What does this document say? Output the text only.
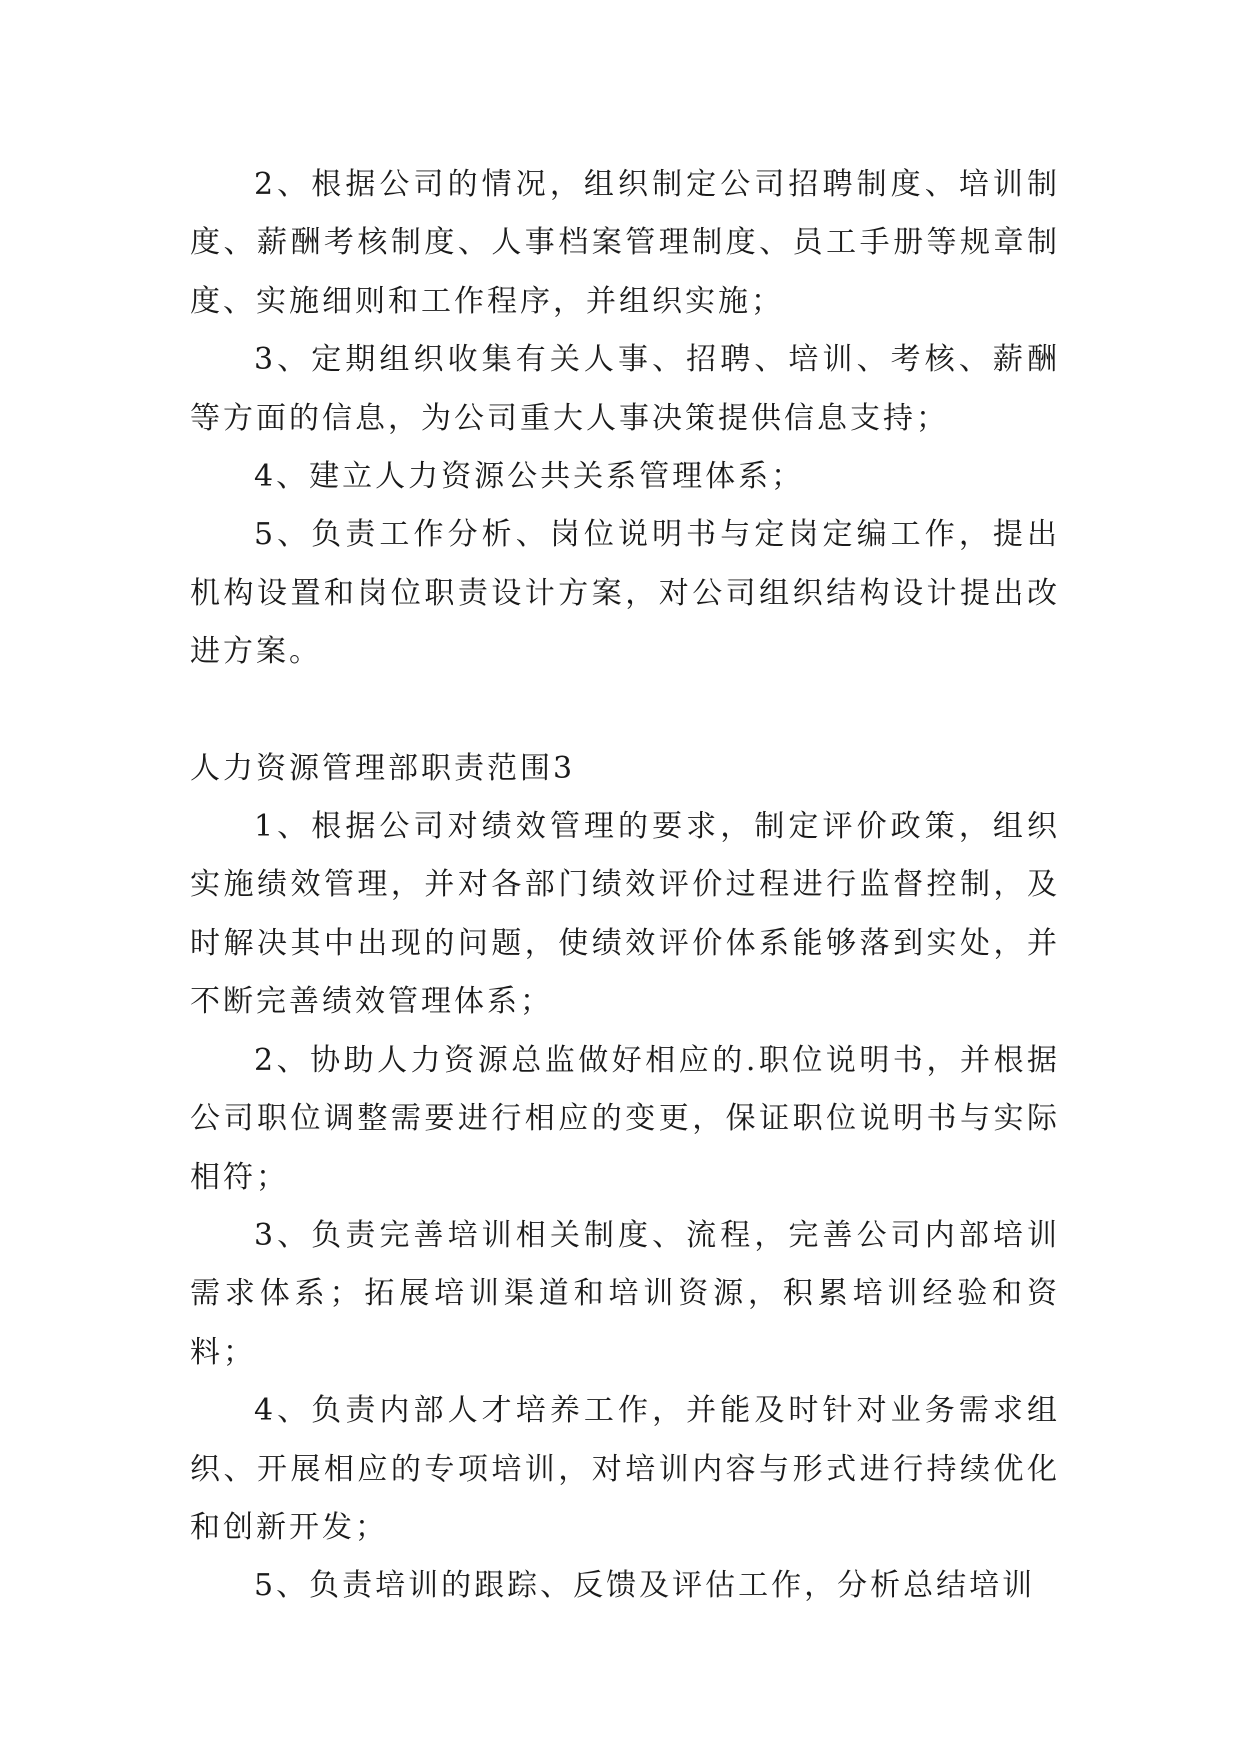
2、根据公司的情况，组织制定公司招聘制度、培训制度、薪酬考核制度、人事档案管理制度、员工手册等规章制度、实施细则和工作程序，并组织实施；

3、定期组织收集有关人事、招聘、培训、考核、薪酬等方面的信息，为公司重大人事决策提供信息支持；

4、建立人力资源公共关系管理体系；

5、负责工作分析、岗位说明书与定岗定编工作，提出机构设置和岗位职责设计方案，对公司组织结构设计提出改进方案。

人力资源管理部职责范围3

1、根据公司对绩效管理的要求，制定评价政策，组织实施绩效管理，并对各部门绩效评价过程进行监督控制，及时解决其中出现的问题，使绩效评价体系能够落到实处，并不断完善绩效管理体系；

2、协助人力资源总监做好相应的.职位说明书，并根据公司职位调整需要进行相应的变更，保证职位说明书与实际相符；

3、负责完善培训相关制度、流程，完善公司内部培训需求体系；拓展培训渠道和培训资源，积累培训经验和资料；

4、负责内部人才培养工作，并能及时针对业务需求组织、开展相应的专项培训，对培训内容与形式进行持续优化和创新开发；

5、负责培训的跟踪、反馈及评估工作，分析总结培训
